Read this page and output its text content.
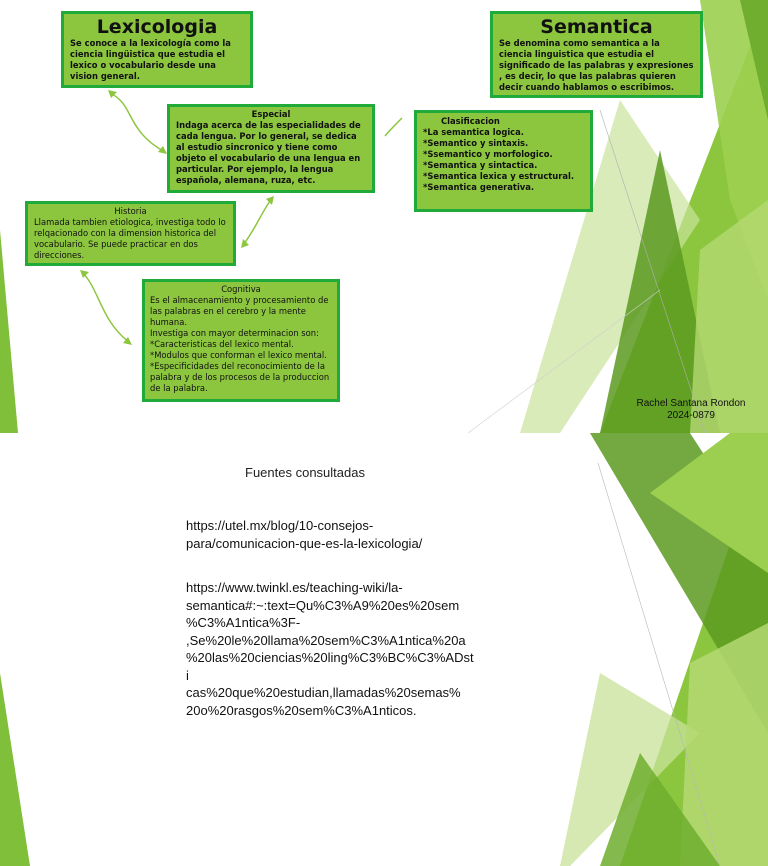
Lexicologia
Se conoce a la lexicología como la ciencia lingüistica que estudia el lexico o vocabulario desde una vision general.
Especial
Indaga acerca de las especialidades de cada lengua. Por lo general, se dedica al estudio sincronico y tiene como objeto el vocabulario de una lengua en particular. Por ejemplo, la lengua española, alemana, ruza, etc.
Historia
Llamada tambien etiologica, investiga todo lo relqacionado con la dimension historica del vocabulario. Se puede practicar en dos direcciones.
Cognitiva
Es el almacenamiento y procesamiento de las palabras en el cerebro y la mente humana.
Investiga con mayor determinacion son:
*Caracteristicas del lexico mental.
*Modulos que conforman el lexico mental.
*Especificidades del reconocimiento de la palabra y de los procesos de la produccion de la palabra.
Semantica
Se denomina como semantica a la ciencia linguistica que estudia el significado de las palabras y expresiones , es decir, lo que las palabras quieren decir cuando hablamos o escribimos.
Clasificacion
*La semantica logica.
*Semantico y sintaxis.
*Ssemantico y morfologico.
*Semantica y sintactica.
*Semantica lexica y estructural.
*Semantica generativa.
Rachel Santana Rondon
2024-0879
Fuentes consultadas
https://utel.mx/blog/10-consejos-
para/comunicacion-que-es-la-lexicologia/
https://www.twinkl.es/teaching-wiki/la-
semantica#:~:text=Qu%C3%A9%20es%20sem
%C3%A1ntica%3F-
,Se%20le%20llama%20sem%C3%A1ntica%20a
%20las%20ciencias%20ling%C3%BC%C3%ADsti
cas%20que%20estudian,llamadas%20semas%
20o%20rasgos%20sem%C3%A1nticos.
